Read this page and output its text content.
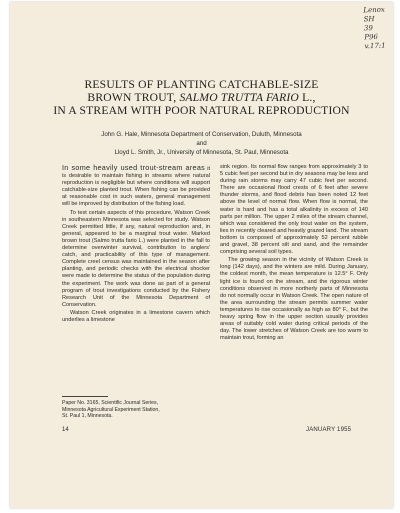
Lenox
SH
39
P96
v.17:1
RESULTS OF PLANTING CATCHABLE-SIZE
BROWN TROUT, SALMO TRUTTA FARIO L.,
IN A STREAM WITH POOR NATURAL REPRODUCTION
John G. Hale, Minnesota Department of Conservation, Duluth, Minnesota
and
Lloyd L. Smith, Jr., University of Minnesota, St. Paul, Minnesota

In some heavily used trout-stream areas it is desirable to maintain fishing in streams where natural reproduction is negligible but where conditions will support catchable-size planted trout. When fishing can be provided at reasonable cost in such waters, general management will be improved by distribution of the fishing load.

To test certain aspects of this procedure, Watson Creek in southeastern Minnesota was selected for study. Watson Creek permitted little, if any, natural reproduction and, in general, appeared to be a marginal trout water. Marked brown trout (Salmo trutta fario L.) were planted in the fall to determine overwinter survival, contribution to anglers' catch, and practicability of this type of management. Complete creel census was maintained in the season after planting, and periodic checks with the electrical shocker were made to determine the status of the population during the experiment. The work was done as part of a general program of trout investigations conducted by the Fishery Research Unit of the Minnesota Department of Conservation.

Watson Creek originates in a limestone cavern which underlies a limestone

sink region. Its normal flow ranges from approximately 3 to 5 cubic feet per second but in dry seasons may be less and during rain storms may carry 47 cubic feet per second. There are occasional flood crests of 6 feet after severe thunder storms, and flood debris has been noted 12 feet above the level of normal flow. When flow is normal, the water is hard and has a total alkalinity in excess of 140 parts per million. The upper 2 miles of the stream channel, which was considered the only trout water on the system, lies in recently cleared and heavily grazed land. The stream bottom is composed of approximately 52 percent rubble and gravel, 38 percent silt and sand, and the remainder comprising several soil types.

The growing season in the vicinity of Watson Creek is long (142 days), and the winters are mild. During January, the coldest month, the mean temperature is 12.5° F. Only light ice is found on the stream, and the rigorous winter conditions observed in more northerly parts of Minnesota do not normally occur in Watson Creek. The open nature of the area surrounding the stream permits summer water temperatures to rise occasionally as high as 80° F., but the heavy spring flow in the upper section usually provides areas of suitably cold water during critical periods of the day. The lower stretches of Watson Creek are too warm to maintain trout, forming an

Paper No. 3165, Scientific Journal Series,
Minnesota Agricultural Experiment Station,
St. Paul 1, Minnesota.
14	JANUARY 1955
